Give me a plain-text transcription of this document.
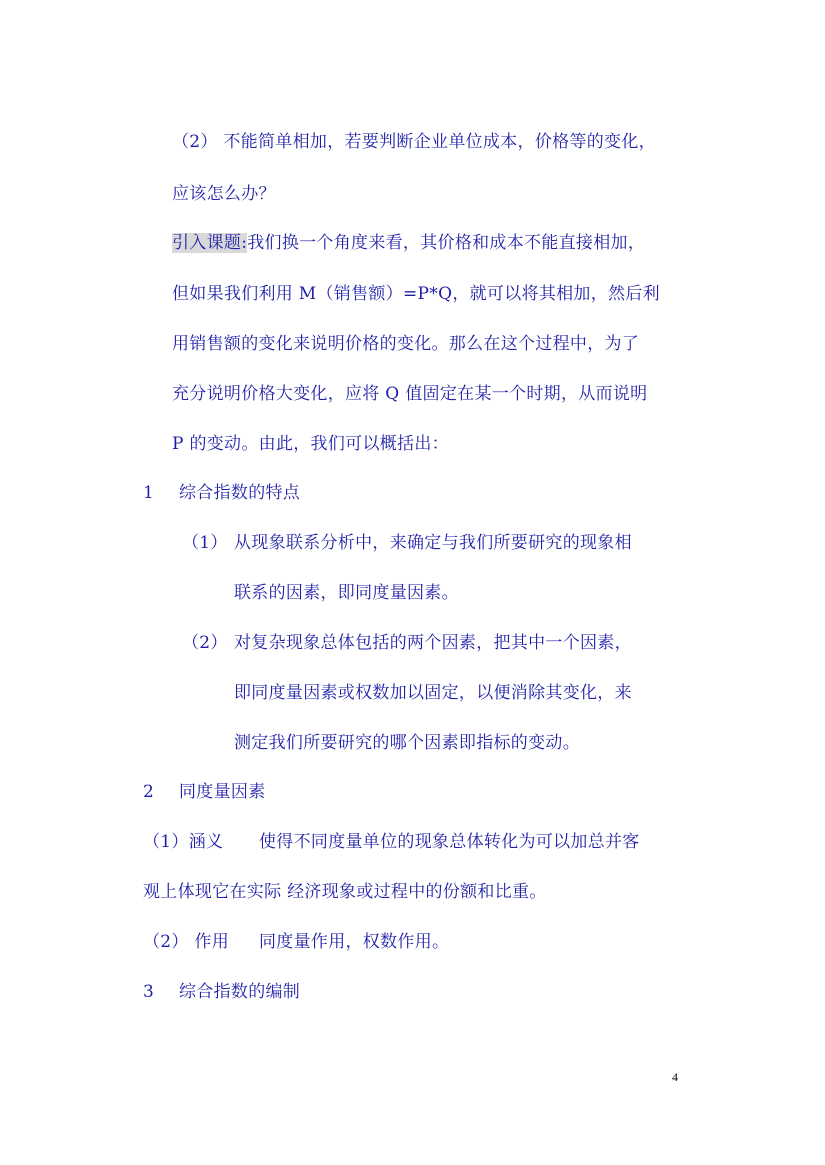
（2） 不能简单相加，若要判断企业单位成本，价格等的变化，

应该怎么办？

引入课题:我们换一个角度来看，其价格和成本不能直接相加，

但如果我们利用 M（销售额）=P*Q，就可以将其相加，然后利

用销售额的变化来说明价格的变化。那么在这个过程中，为了

充分说明价格大变化，应将 Q 值固定在某一个时期，从而说明

P 的变动。由此，我们可以概括出：

1 综合指数的特点

（1） 从现象联系分析中，来确定与我们所要研究的现象相

联系的因素，即同度量因素。

（2） 对复杂现象总体包括的两个因素，把其中一个因素，

即同度量因素或权数加以固定，以便消除其变化，来

测定我们所要研究的哪个因素即指标的变动。

2 同度量因素

（1）涵义 使得不同度量单位的现象总体转化为可以加总并客

观上体现它在实际 经济现象或过程中的份额和比重。

（2） 作用 同度量作用，权数作用。

3 综合指数的编制

4
